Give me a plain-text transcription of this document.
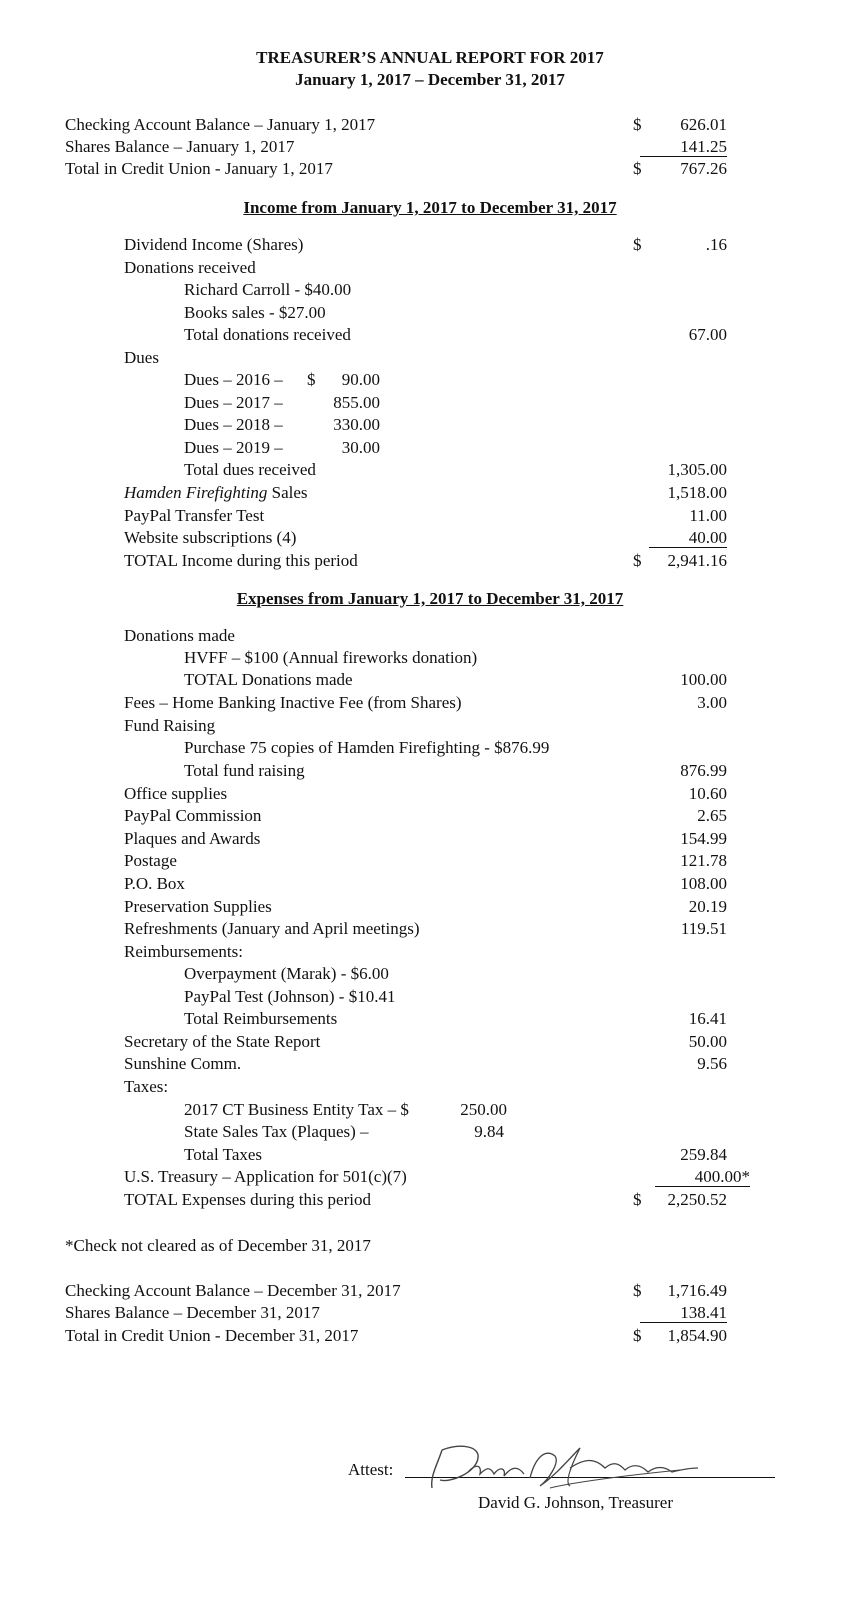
TREASURER’S ANNUAL REPORT FOR 2017
January 1, 2017 – December 31, 2017
Checking Account Balance – January 1, 2017	$ 626.01
Shares Balance – January 1, 2017	141.25
Total in Credit Union - January 1, 2017	$ 767.26
Income from January 1, 2017 to December 31, 2017
Dividend Income (Shares)	$	.16
Donations received
Richard Carroll - $40.00
Books sales - $27.00
Total donations received	67.00
Dues
Dues – 2016 – $ 90.00
Dues – 2017 –	855.00
Dues – 2018 –	330.00
Dues – 2019 –	30.00
Total dues received	1,305.00
Hamden Firefighting Sales	1,518.00
PayPal Transfer Test	11.00
Website subscriptions (4)	40.00
TOTAL Income during this period	$ 2,941.16
Expenses from January 1, 2017 to December 31, 2017
Donations made
HVFF – $100 (Annual fireworks donation)
TOTAL Donations made	100.00
Fees – Home Banking Inactive Fee (from Shares)	3.00
Fund Raising
Purchase 75 copies of Hamden Firefighting - $876.99
Total fund raising	876.99
Office supplies	10.60
PayPal Commission	2.65
Plaques and Awards	154.99
Postage	121.78
P.O. Box	108.00
Preservation Supplies	20.19
Refreshments (January and April meetings)	119.51
Reimbursements:
Overpayment (Marak) - $6.00
PayPal Test (Johnson) - $10.41
Total Reimbursements	16.41
Secretary of the State Report	50.00
Sunshine Comm.	9.56
Taxes:
2017 CT Business Entity Tax – $	250.00
State Sales Tax (Plaques) –	9.84
Total Taxes	259.84
U.S. Treasury – Application for 501(c)(7)	400.00*
TOTAL Expenses during this period	$ 2,250.52
*Check not cleared as of December 31, 2017
Checking Account Balance – December 31, 2017	$ 1,716.49
Shares Balance – December 31, 2017	138.41
Total in Credit Union - December 31, 2017	$ 1,854.90
Attest:
David G. Johnson, Treasurer
